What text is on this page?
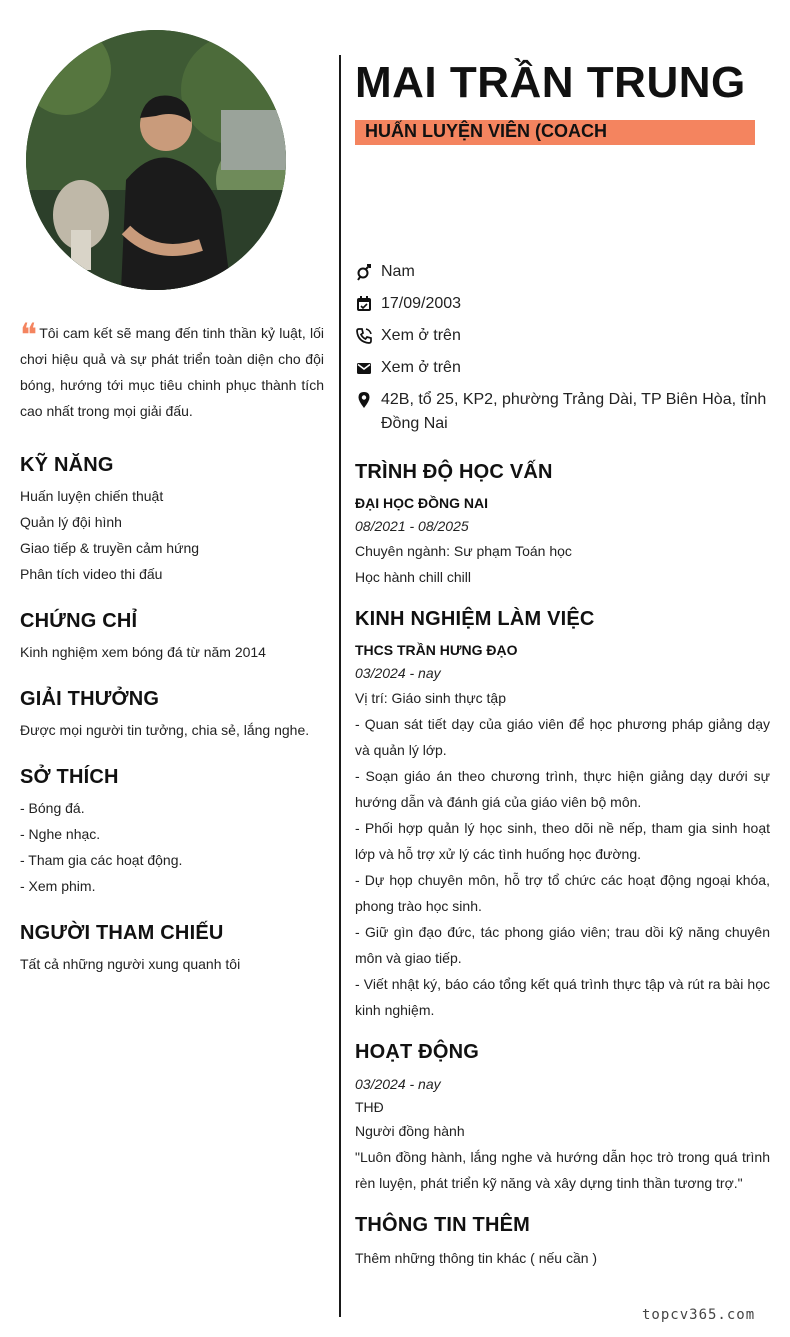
❝ Tôi cam kết sẽ mang đến tinh thần kỷ luật, lối chơi hiệu quả và sự phát triển toàn diện cho đội bóng, hướng tới mục tiêu chinh phục thành tích cao nhất trong mọi giải đấu.
KỸ NĂNG
Huấn luyện chiến thuật
Quản lý đội hình
Giao tiếp & truyền cảm hứng
Phân tích video thi đấu
CHỨNG CHỈ
Kinh nghiệm xem bóng đá từ năm 2014
GIẢI THƯỞNG
Được mọi người tin tưởng, chia sẻ, lắng nghe.
SỞ THÍCH
- Bóng đá.
- Nghe nhạc.
- Tham gia các hoạt động.
- Xem phim.
NGƯỜI THAM CHIẾU
Tất cả những người xung quanh tôi
MAI TRẦN TRUNG
HUẤN LUYỆN VIÊN (COACH
Nam
17/09/2003
Xem ở trên
Xem ở trên
42B, tổ 25, KP2, phường Trảng Dài, TP Biên Hòa, tỉnh Đồng Nai
TRÌNH ĐỘ HỌC VẤN
ĐẠI HỌC ĐỒNG NAI
08/2021 - 08/2025
Chuyên ngành: Sư phạm Toán học
Học hành chill chill
KINH NGHIỆM LÀM VIỆC
THCS TRẦN HƯNG ĐẠO
03/2024 - nay
Vị trí: Giáo sinh thực tập
- Quan sát tiết dạy của giáo viên để học phương pháp giảng dạy và quản lý lớp.
- Soạn giáo án theo chương trình, thực hiện giảng dạy dưới sự hướng dẫn và đánh giá của giáo viên bộ môn.
- Phối hợp quản lý học sinh, theo dõi nề nếp, tham gia sinh hoạt lớp và hỗ trợ xử lý các tình huống học đường.
- Dự họp chuyên môn, hỗ trợ tổ chức các hoạt động ngoại khóa, phong trào học sinh.
- Giữ gìn đạo đức, tác phong giáo viên; trau dồi kỹ năng chuyên môn và giao tiếp.
- Viết nhật ký, báo cáo tổng kết quá trình thực tập và rút ra bài học kinh nghiệm.
HOẠT ĐỘNG
03/2024 - nay
THĐ
Người đồng hành
"Luôn đồng hành, lắng nghe và hướng dẫn học trò trong quá trình rèn luyện, phát triển kỹ năng và xây dựng tinh thần tương trợ."
THÔNG TIN THÊM
Thêm những thông tin khác ( nếu cần )
topcv365.com
